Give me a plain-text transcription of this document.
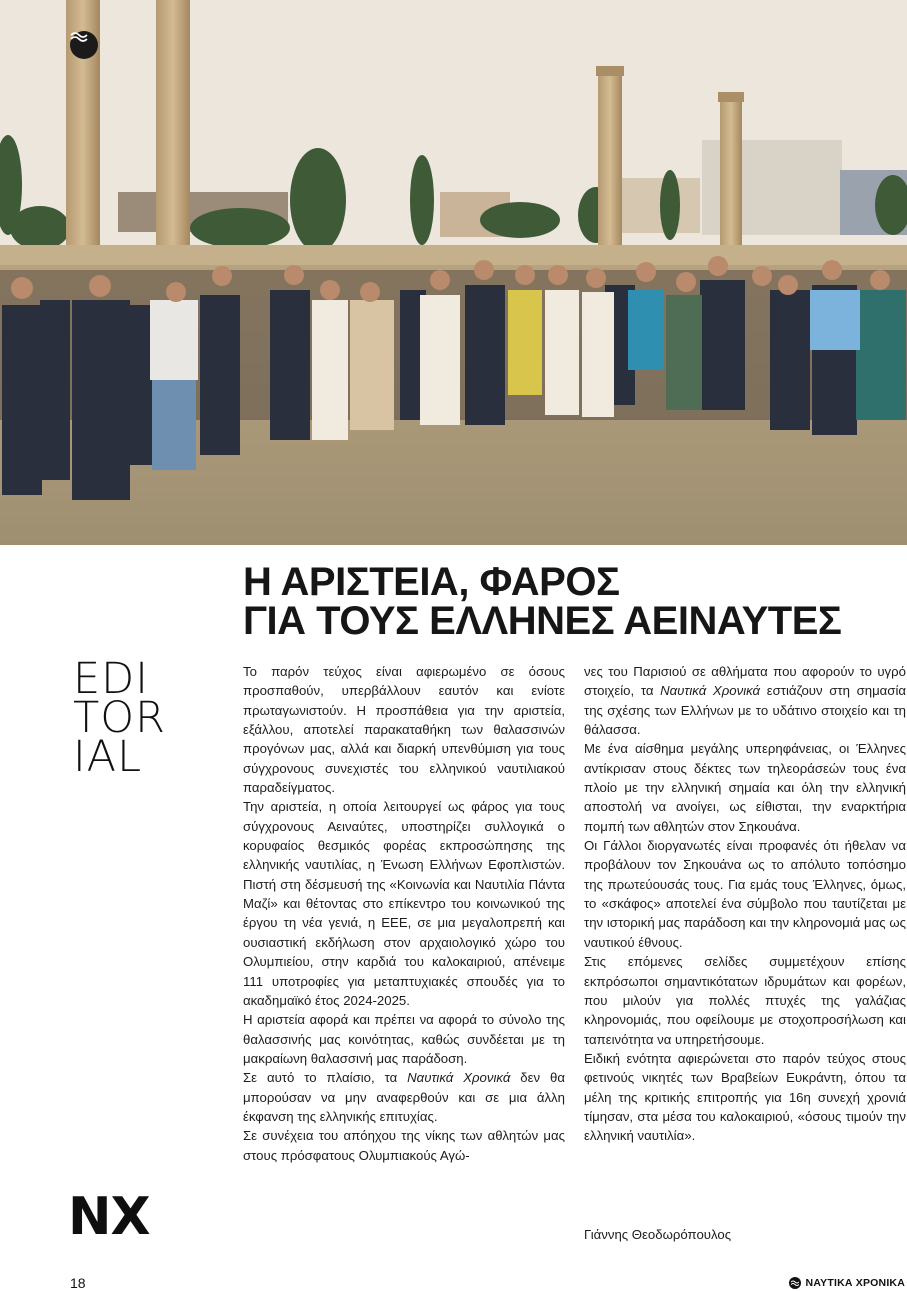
Η ΑΡΙΣΤΕΙΑ, ΦΑΡΟΣ
ΓΙΑ ΤΟΥΣ ΕΛΛΗΝΕΣ ΑΕΙΝΑΥΤΕΣ
EDI
TOR
IAL

Το παρόν τεύχος είναι αφιερωμένο σε όσους προσπαθούν, υπερβάλλουν εαυτόν και ενίοτε πρωταγωνιστούν. Η προσπάθεια για την αριστεία, εξάλλου, αποτελεί παρακαταθήκη των θαλασσινών προγόνων μας, αλλά και διαρκή υπενθύμιση για τους σύγχρονους συνεχιστές του ελληνικού ναυτιλιακού παραδείγματος.

Την αριστεία, η οποία λειτουργεί ως φάρος για τους σύγχρονους Αειναύτες, υποστηρίζει συλλογικά ο κορυφαίος θεσμικός φορέας εκπροσώπησης της ελληνικής ναυτιλίας, η Ένωση Ελλήνων Εφοπλιστών. Πιστή στη δέσμευσή της «Κοινωνία και Ναυτιλία Πάντα Μαζί» και θέτοντας στο επίκεντρο του κοινωνικού της έργου τη νέα γενιά, η ΕΕΕ, σε μια μεγαλοπρεπή και ουσιαστική εκδήλωση στον αρχαιολογικό χώρο του Ολυμπιείου, στην καρδιά του καλοκαιριού, απένειμε 111 υποτροφίες για μεταπτυχιακές σπουδές για το ακαδημαϊκό έτος 2024-2025.

Η αριστεία αφορά και πρέπει να αφορά το σύνολο της θαλασσινής μας κοινότητας, καθώς συνδέεται με τη μακραίωνη θαλασσινή μας παράδοση.

Σε αυτό το πλαίσιο, τα Ναυτικά Χρονικά δεν θα μπορούσαν να μην αναφερθούν και σε μια άλλη έκφανση της ελληνικής επιτυχίας.

Σε συνέχεια του απόηχου της νίκης των αθλητών μας στους πρόσφατους Ολυμπιακούς Αγώ-

νες του Παρισιού σε αθλήματα που αφορούν το υγρό στοιχείο, τα Ναυτικά Χρονικά εστιάζουν στη σημασία της σχέσης των Ελλήνων με το υδάτινο στοιχείο και τη θάλασσα.

Με ένα αίσθημα μεγάλης υπερηφάνειας, οι Έλληνες αντίκρισαν στους δέκτες των τηλεοράσεών τους ένα πλοίο με την ελληνική σημαία και όλη την ελληνική αποστολή να ανοίγει, ως είθισται, την εναρκτήρια πομπή των αθλητών στον Σηκουάνα.

Οι Γάλλοι διοργανωτές είναι προφανές ότι ήθελαν να προβάλουν τον Σηκουάνα ως το απόλυτο τοπόσημο της πρωτεύουσάς τους. Για εμάς τους Έλληνες, όμως, το «σκάφος» αποτελεί ένα σύμβολο που ταυτίζεται με την ιστορική μας παράδοση και την κληρονομιά μας ως ναυτικού έθνους.

Στις επόμενες σελίδες συμμετέχουν επίσης εκπρόσωποι σημαντικότατων ιδρυμάτων και φορέων, που μιλούν για πολλές πτυχές της γαλάζιας κληρονομιάς, που οφείλουμε με στοχοπροσήλωση και ταπεινότητα να υπηρετήσουμε.

Ειδική ενότητα αφιερώνεται στο παρόν τεύχος στους φετινούς νικητές των Βραβείων Ευκράντη, όπου τα μέλη της κριτικής επιτροπής για 16η συνεχή χρονιά τίμησαν, στα μέσα του καλοκαιριού, «όσους τιμούν την ελληνική ναυτιλία».

Γιάννης Θεοδωρόπουλος
NX
18	ΝΑΥΤΙΚΑ ΧΡΟΝΙΚΑ
